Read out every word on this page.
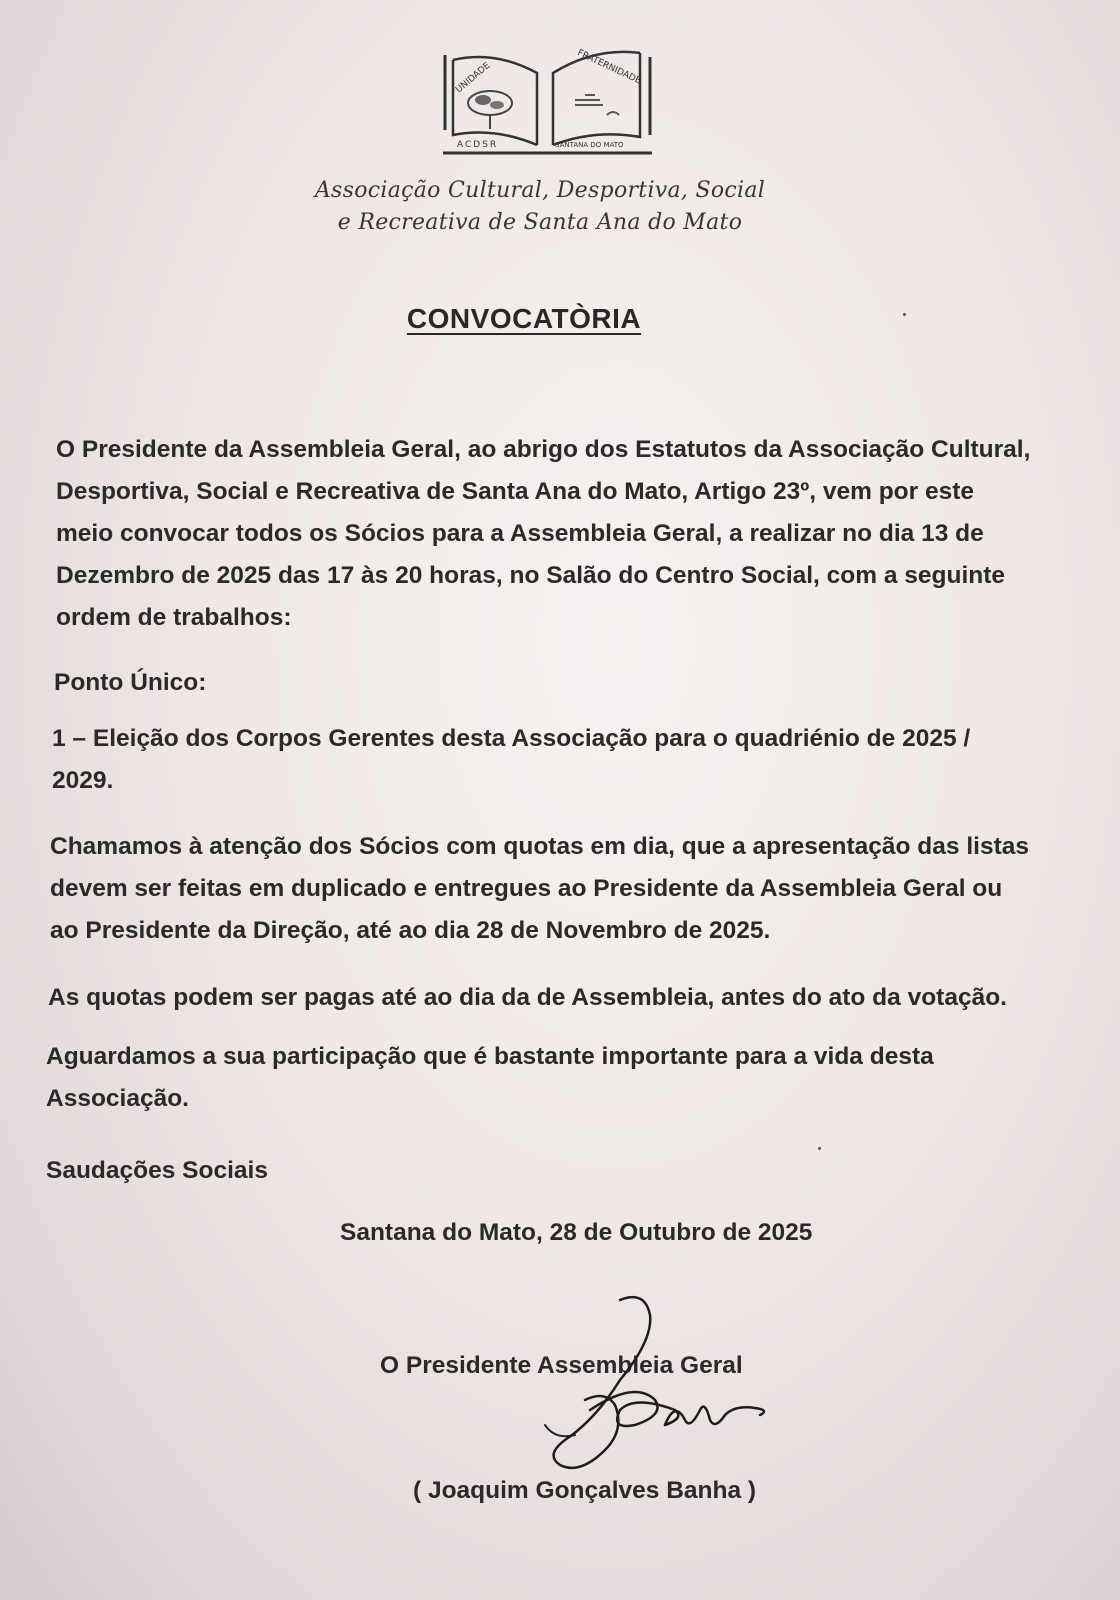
UNIDADE	FRATERNIDADE
ACDSR	SANTANA DO MATO
Associação Cultural, Desportiva, Social
e Recreativa de Santa Ana do Mato
CONVOCATÒRIA
O Presidente da Assembleia Geral, ao abrigo dos Estatutos da Associação Cultural,
Desportiva, Social e Recreativa de Santa Ana do Mato, Artigo 23º, vem por este
meio convocar todos os Sócios para a Assembleia Geral, a realizar no dia 13 de
Dezembro de 2025 das 17 às 20 horas, no Salão do Centro Social, com a seguinte
ordem de trabalhos:
Ponto Único:
1 – Eleição dos Corpos Gerentes desta Associação para o quadriénio de 2025 /
2029.
Chamamos à atenção dos Sócios com quotas em dia, que a apresentação das listas
devem ser feitas em duplicado e entregues ao Presidente da Assembleia Geral ou
ao Presidente da Direção, até ao dia 28 de Novembro de 2025.
As quotas podem ser pagas até ao dia da de Assembleia, antes do ato da votação.
Aguardamos a sua participação que é bastante importante para a vida desta
Associação.
Saudações Sociais
Santana do Mato, 28 de Outubro de 2025
O Presidente Assembleia Geral
( Joaquim Gonçalves Banha )
